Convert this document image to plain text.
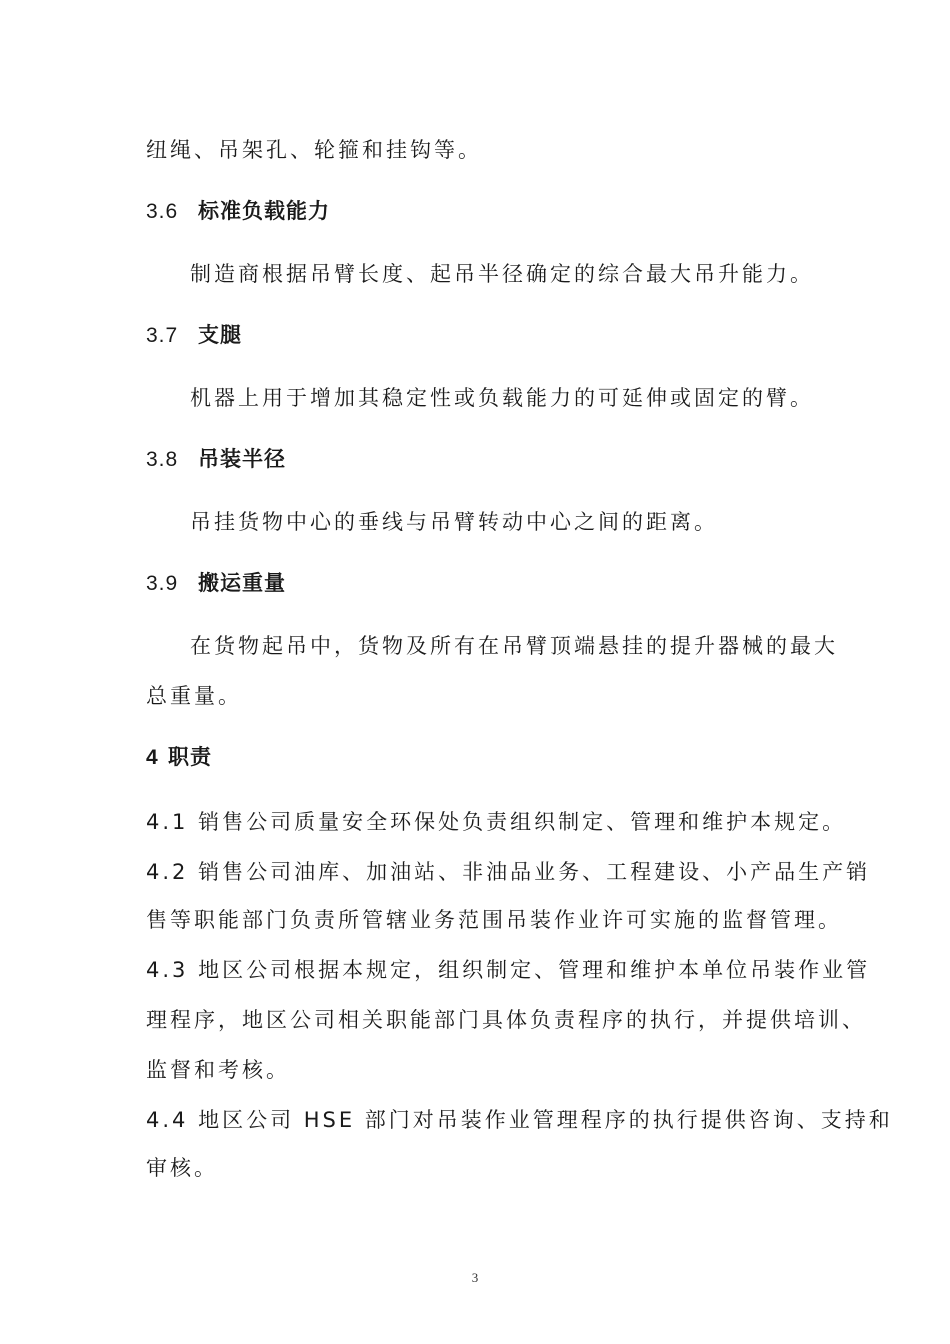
纽绳、吊架孔、轮箍和挂钩等。
3.6 标准负载能力
制造商根据吊臂长度、起吊半径确定的综合最大吊升能力。
3.7 支腿
机器上用于增加其稳定性或负载能力的可延伸或固定的臂。
3.8 吊装半径
吊挂货物中心的垂线与吊臂转动中心之间的距离。
3.9 搬运重量
在货物起吊中，货物及所有在吊臂顶端悬挂的提升器械的最大
总重量。
4 职责
4.1 销售公司质量安全环保处负责组织制定、管理和维护本规定。
4.2 销售公司油库、加油站、非油品业务、工程建设、小产品生产销
售等职能部门负责所管辖业务范围吊装作业许可实施的监督管理。
4.3 地区公司根据本规定，组织制定、管理和维护本单位吊装作业管
理程序，地区公司相关职能部门具体负责程序的执行，并提供培训、
监督和考核。
4.4 地区公司 HSE 部门对吊装作业管理程序的执行提供咨询、支持和
审核。
3
